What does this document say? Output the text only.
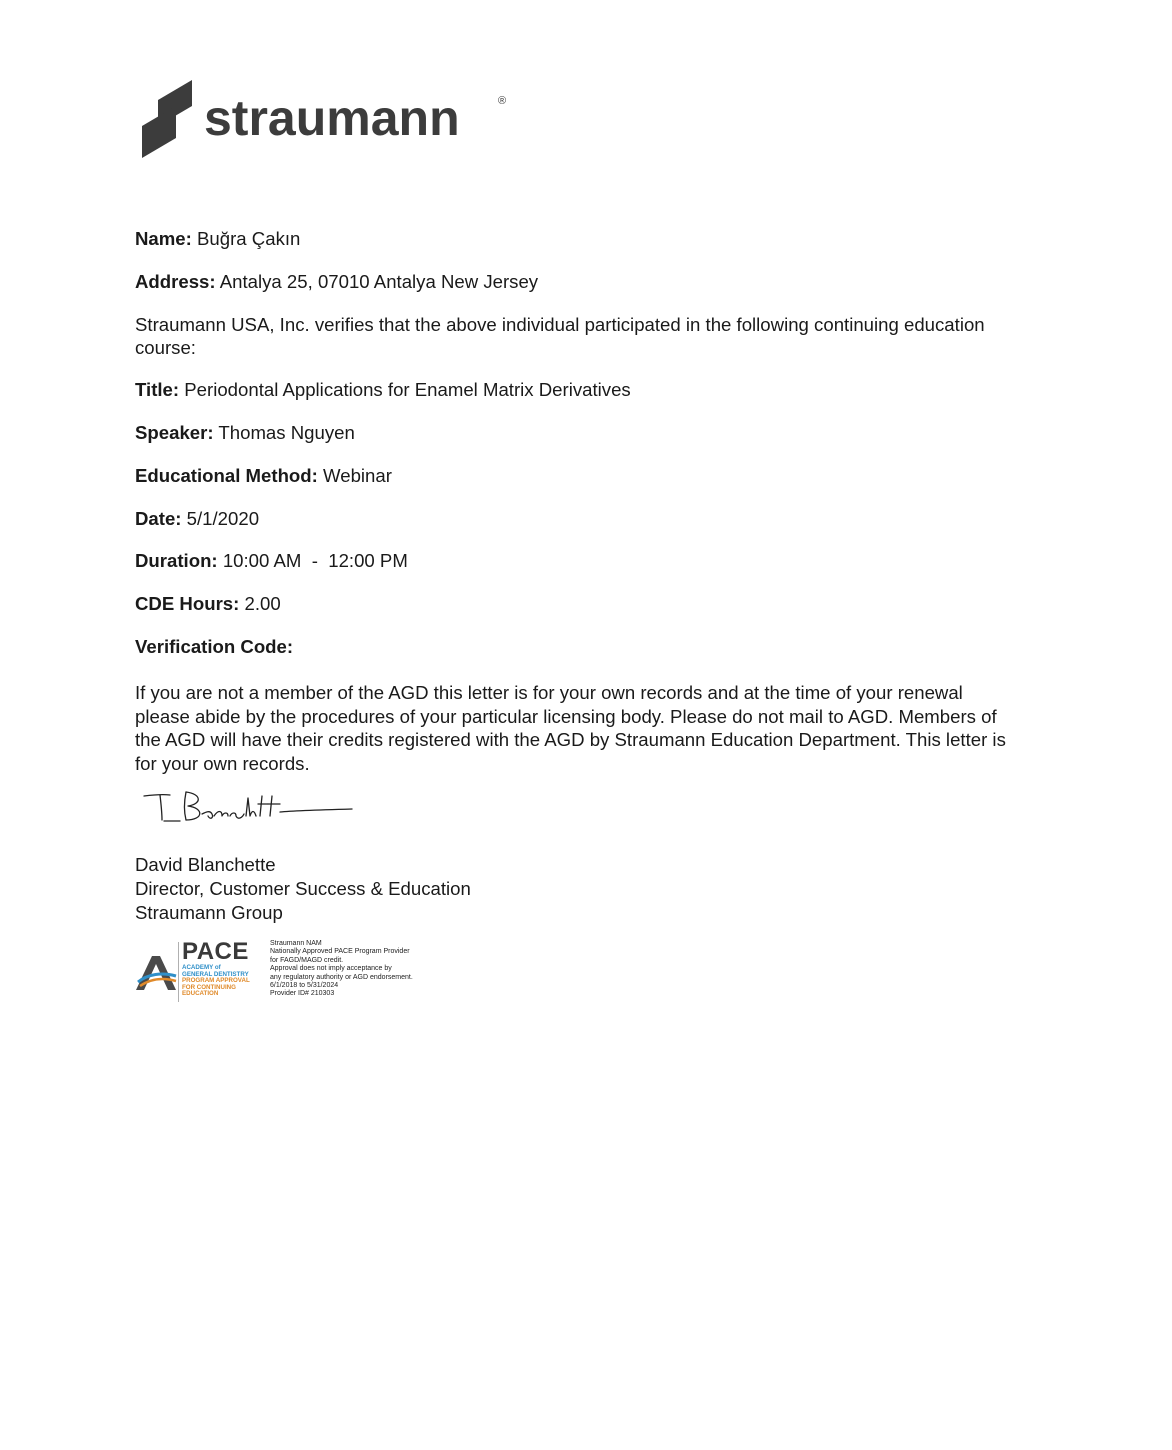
straumann	®
Name: Buğra Çakın
Address: Antalya 25, 07010 Antalya New Jersey
Straumann USA, Inc. verifies that the above individual participated in the following continuing education course:
Title: Periodontal Applications for Enamel Matrix Derivatives
Speaker: Thomas Nguyen
Educational Method: Webinar
Date: 5/1/2020
Duration: 10:00 AM  -  12:00 PM
CDE Hours: 2.00
Verification Code:
If you are not a member of the AGD this letter is for your own records and at the time of your renewal please abide by the procedures of your particular licensing body. Please do not mail to AGD. Members of the AGD will have their credits registered with the AGD by Straumann Education Department. This letter is for your own records.
David Blanchette
Director, Customer Success & Education
Straumann Group
PACE
ACADEMY of
GENERAL DENTISTRY
PROGRAM APPROVAL
FOR CONTINUING
EDUCATION
Straumann NAM
Nationally Approved PACE Program Provider
for FAGD/MAGD credit.
Approval does not imply acceptance by
any regulatory authority or AGD endorsement.
6/1/2018 to 5/31/2024
Provider ID# 210303
